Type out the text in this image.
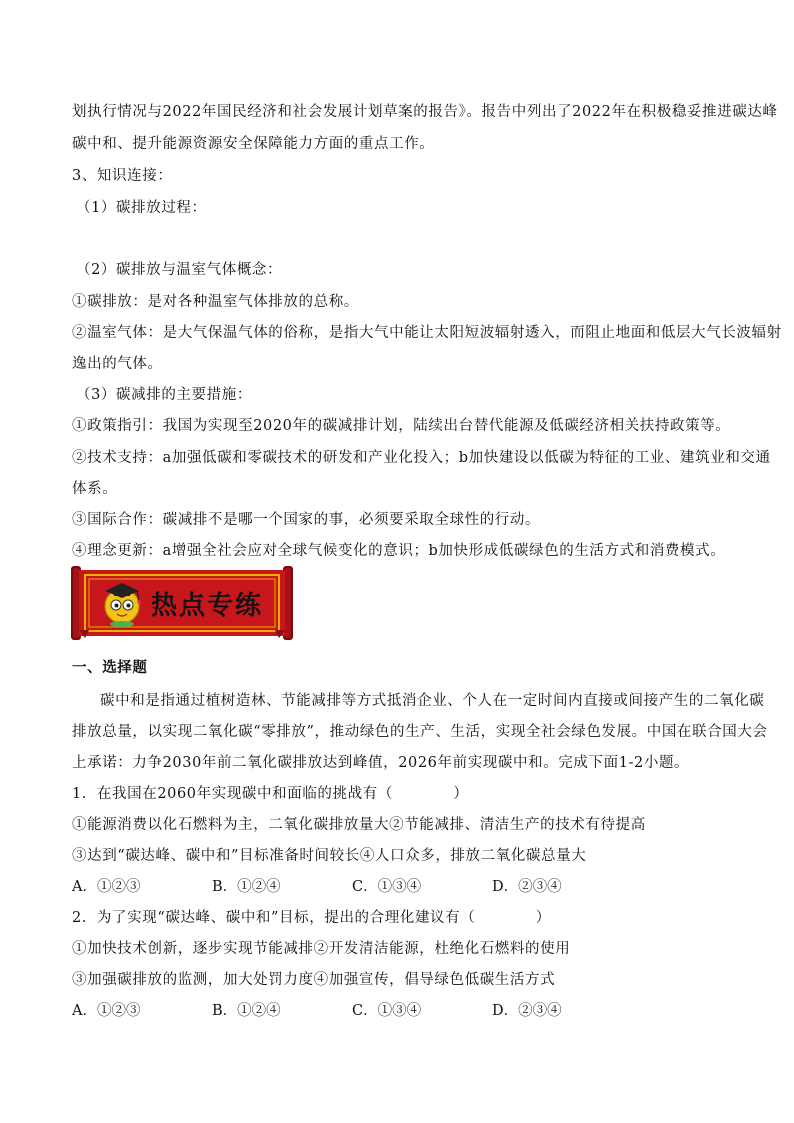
划执行情况与2022年国民经济和社会发展计划草案的报告》。报告中列出了2022年在积极稳妥推进碳达峰
碳中和、提升能源资源安全保障能力方面的重点工作。
3、知识连接：
（1）碳排放过程：
（2）碳排放与温室气体概念：
①碳排放：是对各种温室气体排放的总称。
②温室气体：是大气保温气体的俗称，是指大气中能让太阳短波辐射透入，而阻止地面和低层大气长波辐射
逸出的气体。
（3）碳减排的主要措施：
①政策指引：我国为实现至2020年的碳减排计划，陆续出台替代能源及低碳经济相关扶持政策等。
②技术支持：a加强低碳和零碳技术的研发和产业化投入；b加快建设以低碳为特征的工业、建筑业和交通
体系。
③国际合作：碳减排不是哪一个国家的事，必须要采取全球性的行动。
④理念更新：a增强全社会应对全球气候变化的意识；b加快形成低碳绿色的生活方式和消费模式。
热点专练
一、选择题
碳中和是指通过植树造林、节能减排等方式抵消企业、个人在一定时间内直接或间接产生的二氧化碳
排放总量，以实现二氧化碳“零排放”，推动绿色的生产、生活，实现全社会绿色发展。中国在联合国大会
上承诺：力争2030年前二氧化碳排放达到峰值，2026年前实现碳中和。完成下面1-2小题。
1．在我国在2060年实现碳中和面临的挑战有（　　　　）
①能源消费以化石燃料为主，二氧化碳排放量大②节能减排、清洁生产的技术有待提高
③达到“碳达峰、碳中和”目标准备时间较长④人口众多，排放二氧化碳总量大
A．①②③	B．①②④	C．①③④	D．②③④
2．为了实现“碳达峰、碳中和”目标，提出的合理化建议有（　　　　）
①加快技术创新，逐步实现节能减排②开发清洁能源，杜绝化石燃料的使用
③加强碳排放的监测，加大处罚力度④加强宣传，倡导绿色低碳生活方式
A．①②③	B．①②④	C．①③④	D．②③④
